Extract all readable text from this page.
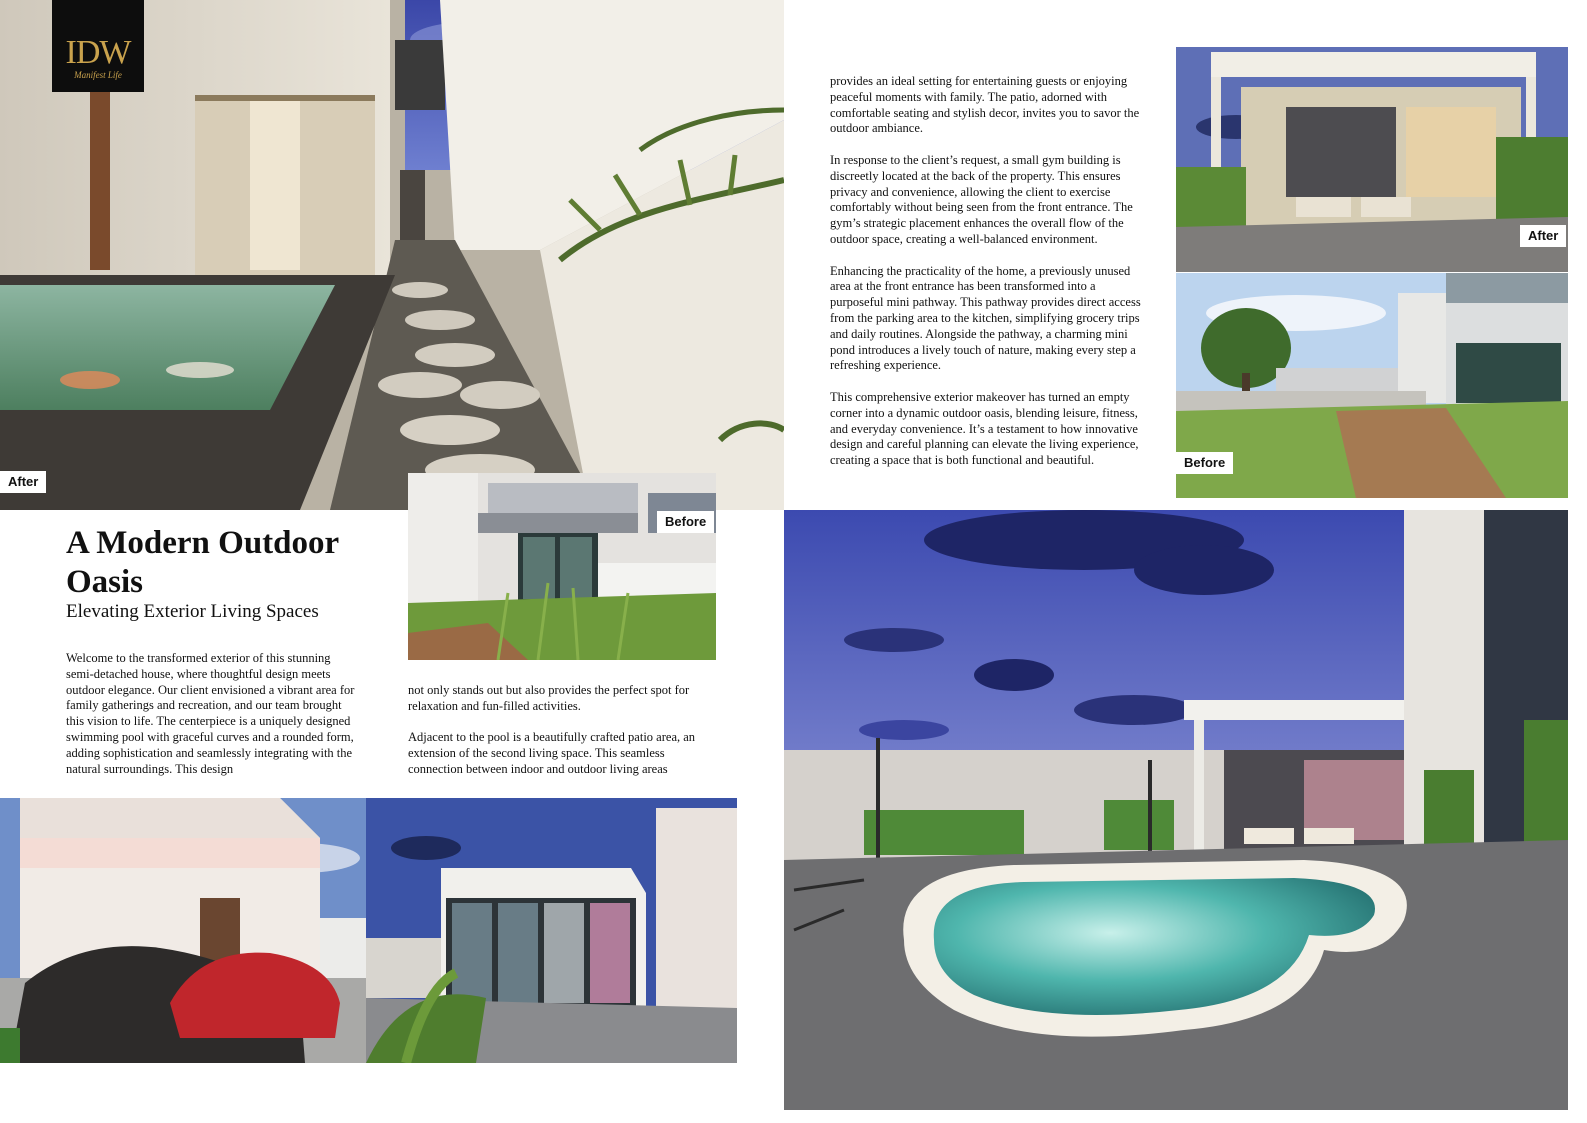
After
IDW
Manifest Life
Before
A Modern Outdoor Oasis
Elevating Exterior Living Spaces

Welcome to the transformed exterior of this stunning semi-detached house, where thoughtful design meets outdoor elegance. Our client envisioned a vibrant area for family gatherings and recreation, and our team brought this vision to life. The centerpiece is a uniquely designed swimming pool with graceful curves and a rounded form, adding sophistication and seamlessly integrating with the natural surroundings. This design

not only stands out but also provides the perfect spot for relaxation and fun-filled activities.

Adjacent to the pool is a beautifully crafted patio area, an extension of the second living space. This seamless connection between indoor and outdoor living areas

provides an ideal setting for entertaining guests or enjoying peaceful moments with family. The patio, adorned with comfortable seating and stylish decor, invites you to savor the outdoor ambiance.

In response to the client’s request, a small gym building is discreetly located at the back of the property. This ensures privacy and convenience, allowing the client to exercise comfortably without being seen from the front entrance. The gym’s strategic placement enhances the overall flow of the outdoor space, creating a well-balanced environment.

Enhancing the practicality of the home, a previously unused area at the front entrance has been transformed into a purposeful mini pathway. This pathway provides direct access from the parking area to the kitchen, simplifying grocery trips and daily routines. Alongside the pathway, a charming mini pond introduces a lively touch of nature, making every step a refreshing experience.

This comprehensive exterior makeover has turned an empty corner into a dynamic outdoor oasis, blending leisure, fitness, and everyday convenience. It’s a testament to how innovative design and careful planning can elevate the living experience, creating a space that is both functional and beautiful.

After
Before
